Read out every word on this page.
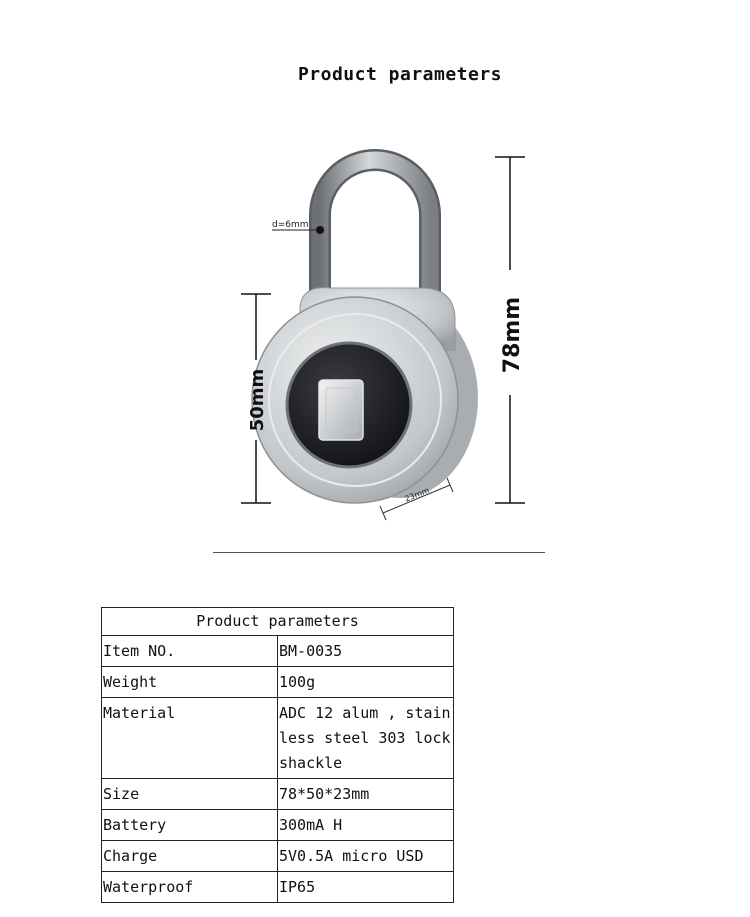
Product parameters
d=6mm
78mm
50mm
23mm
Product parameters	
Item NO.	BM-0035
Weight	100g
Material	ADC 12 alum , stainless steel 303 lock shackle
Size	78*50*23mm
Battery	300mA H
Charge	5V0.5A micro USD
Waterproof	IP65
